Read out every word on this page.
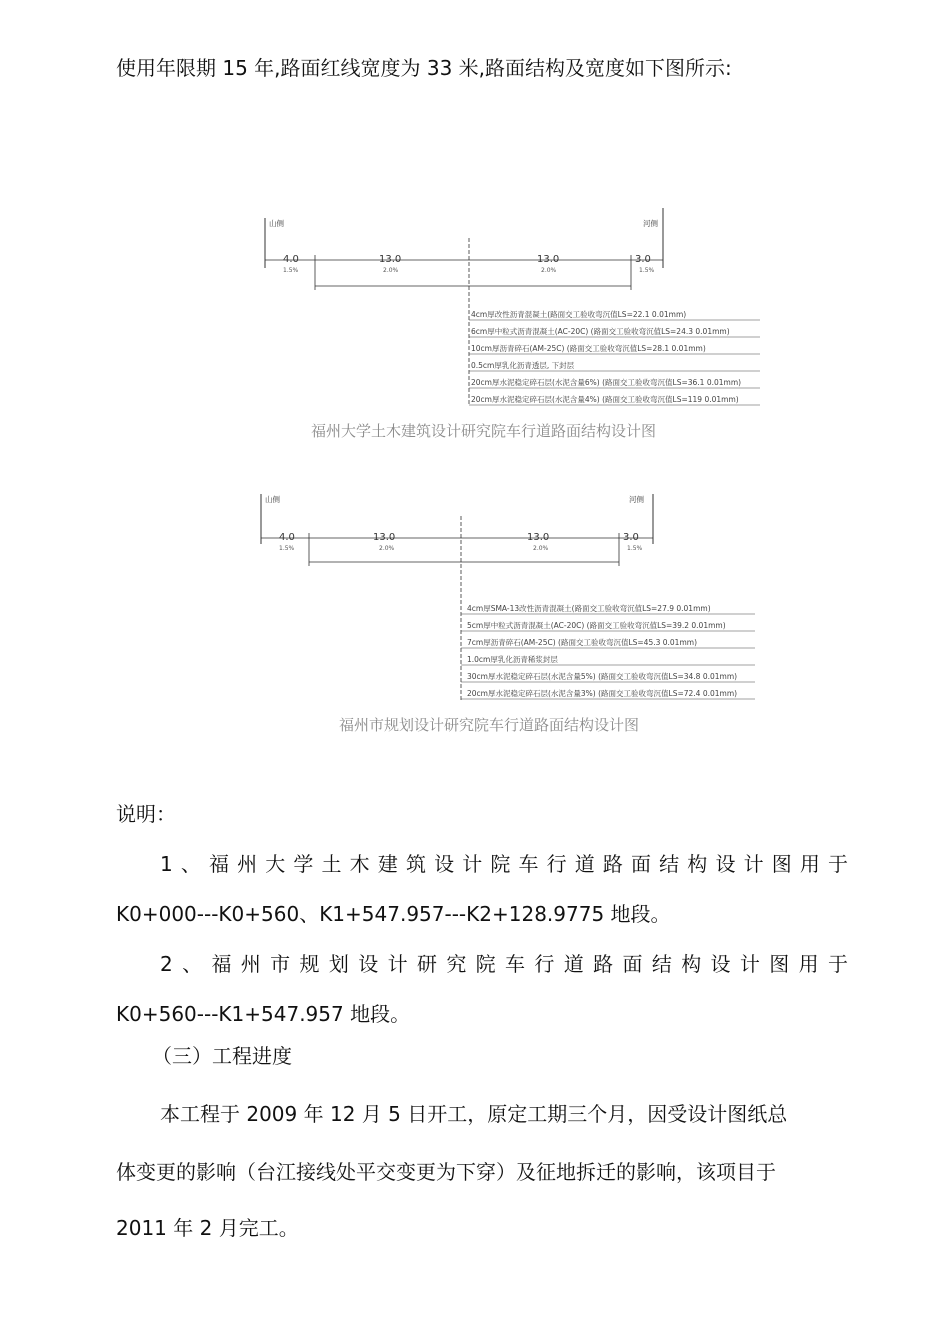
使用年限期 15 年,路面红线宽度为 33 米,路面结构及宽度如下图所示:
山侧	河侧
4.0	13.0	13.0	3.0
1.5%	2.0%	2.0%	1.5%
4cm厚改性沥青混凝土(路面交工验收弯沉值LS=22.1 0.01mm)
6cm厚中粒式沥青混凝土(AC-20C) (路面交工验收弯沉值LS=24.3 0.01mm)
10cm厚沥青碎石(AM-25C) (路面交工验收弯沉值LS=28.1 0.01mm)
0.5cm厚乳化沥青透层, 下封层
20cm厚水泥稳定碎石层(水泥含量6%) (路面交工验收弯沉值LS=36.1 0.01mm)
20cm厚水泥稳定碎石层(水泥含量4%) (路面交工验收弯沉值LS=119 0.01mm)
福州大学土木建筑设计研究院车行道路面结构设计图
山侧	河侧
4.0	13.0	13.0	3.0
1.5%	2.0%	2.0%	1.5%
4cm厚SMA-13改性沥青混凝土(路面交工验收弯沉值LS=27.9 0.01mm)
5cm厚中粒式沥青混凝土(AC-20C) (路面交工验收弯沉值LS=39.2 0.01mm)
7cm厚沥青碎石(AM-25C) (路面交工验收弯沉值LS=45.3 0.01mm)
1.0cm厚乳化沥青稀浆封层
30cm厚水泥稳定碎石层(水泥含量5%) (路面交工验收弯沉值LS=34.8 0.01mm)
20cm厚水泥稳定碎石层(水泥含量3%) (路面交工验收弯沉值LS=72.4 0.01mm)
福州市规划设计研究院车行道路面结构设计图
说明：
1、福州大学土木建筑设计院车行道路面结构设计图用于
K0+000---K0+560、K1+547.957---K2+128.9775 地段。
2、福州市规划设计研究院车行道路面结构设计图用于
K0+560---K1+547.957 地段。
（三）工程进度
本工程于 2009 年 12 月 5 日开工，原定工期三个月，因受设计图纸总
体变更的影响（台江接线处平交变更为下穿）及征地拆迁的影响，该项目于
2011 年 2 月完工。
